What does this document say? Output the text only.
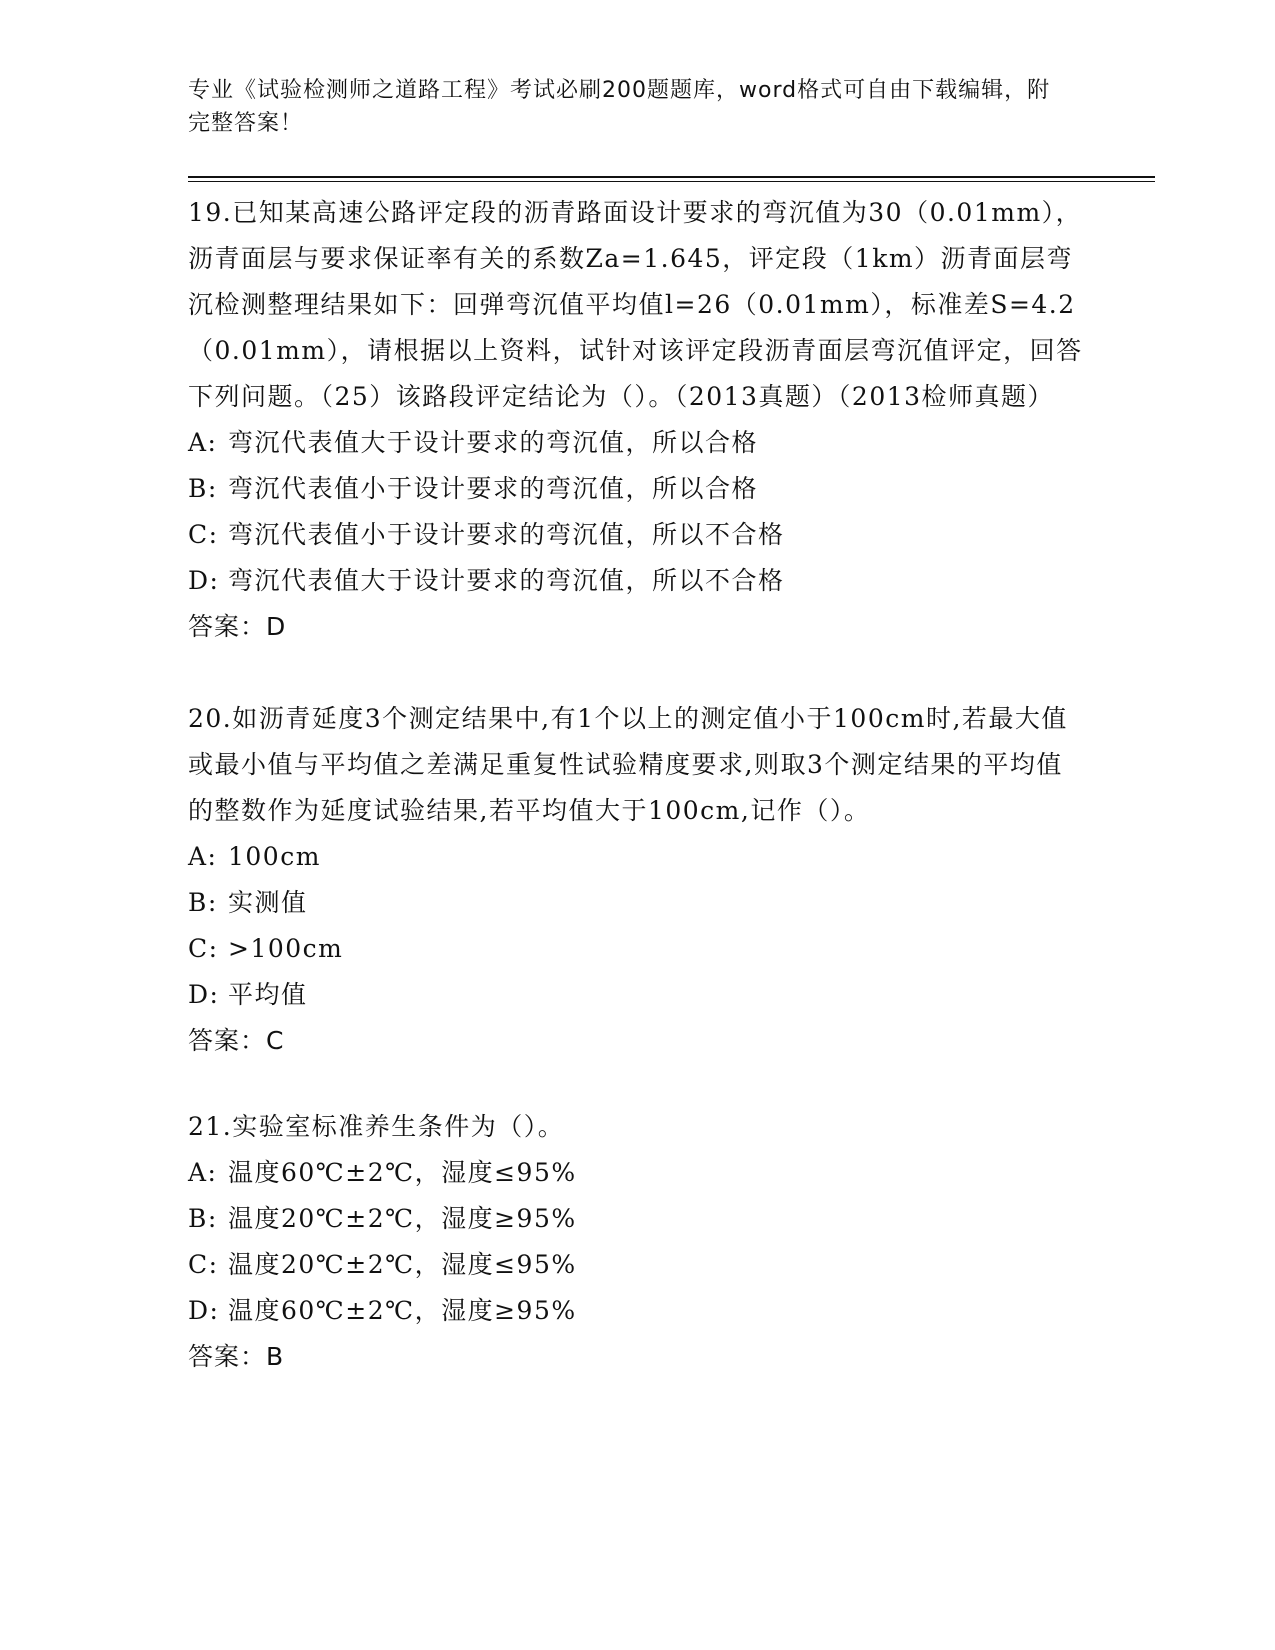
专业《试验检测师之道路工程》考试必刷200题题库，word格式可自由下载编辑，附完整答案！

19.已知某高速公路评定段的沥青路面设计要求的弯沉值为30（0.01mm），沥青面层与要求保证率有关的系数Za=1.645，评定段（1km）沥青面层弯沉检测整理结果如下：回弹弯沉值平均值l=26（0.01mm），标准差S=4.2（0.01mm），请根据以上资料，试针对该评定段沥青面层弯沉值评定，回答下列问题。（25）该路段评定结论为（）。（2013真题）（2013检师真题）

A: 弯沉代表值大于设计要求的弯沉值，所以合格

B: 弯沉代表值小于设计要求的弯沉值，所以合格

C: 弯沉代表值小于设计要求的弯沉值，所以不合格

D: 弯沉代表值大于设计要求的弯沉值，所以不合格

答案：D

20.如沥青延度3个测定结果中,有1个以上的测定值小于100cm时,若最大值或最小值与平均值之差满足重复性试验精度要求,则取3个测定结果的平均值的整数作为延度试验结果,若平均值大于100cm,记作（）。

A: 100cm

B: 实测值

C: >100cm

D: 平均值

答案：C

21.实验室标准养生条件为（）。

A: 温度60℃±2℃，湿度≤95%

B: 温度20℃±2℃，湿度≥95%

C: 温度20℃±2℃，湿度≤95%

D: 温度60℃±2℃，湿度≥95%

答案：B
